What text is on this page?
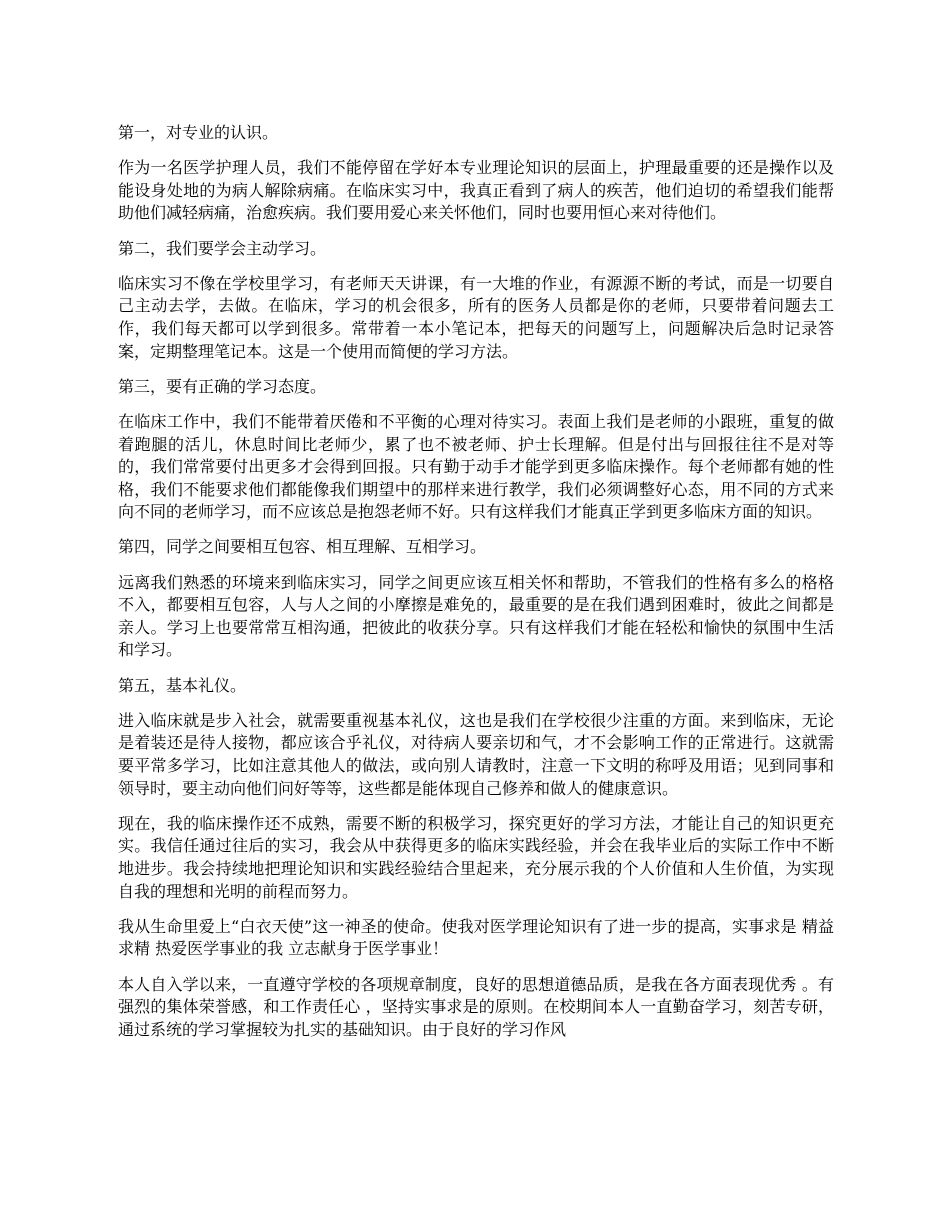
第一，对专业的认识。

作为一名医学护理人员，我们不能停留在学好本专业理论知识的层面上，护理最重要的还是操作以及能设身处地的为病人解除病痛。在临床实习中，我真正看到了病人的疾苦，他们迫切的希望我们能帮助他们减轻病痛，治愈疾病。我们要用爱心来关怀他们，同时也要用恒心来对待他们。

第二，我们要学会主动学习。

临床实习不像在学校里学习，有老师天天讲课，有一大堆的作业，有源源不断的考试，而是一切要自己主动去学，去做。在临床，学习的机会很多，所有的医务人员都是你的老师，只要带着问题去工作，我们每天都可以学到很多。常带着一本小笔记本，把每天的问题写上，问题解决后急时记录答案，定期整理笔记本。这是一个使用而简便的学习方法。

第三，要有正确的学习态度。

在临床工作中，我们不能带着厌倦和不平衡的心理对待实习。表面上我们是老师的小跟班，重复的做着跑腿的活儿，休息时间比老师少，累了也不被老师、护士长理解。但是付出与回报往往不是对等的，我们常常要付出更多才会得到回报。只有勤于动手才能学到更多临床操作。每个老师都有她的性格，我们不能要求他们都能像我们期望中的那样来进行教学，我们必须调整好心态，用不同的方式来向不同的老师学习，而不应该总是抱怨老师不好。只有这样我们才能真正学到更多临床方面的知识。

第四，同学之间要相互包容、相互理解、互相学习。

远离我们熟悉的环境来到临床实习，同学之间更应该互相关怀和帮助，不管我们的性格有多么的格格不入，都要相互包容，人与人之间的小摩擦是难免的，最重要的是在我们遇到困难时，彼此之间都是亲人。学习上也要常常互相沟通，把彼此的收获分享。只有这样我们才能在轻松和愉快的氛围中生活和学习。

第五，基本礼仪。

进入临床就是步入社会，就需要重视基本礼仪，这也是我们在学校很少注重的方面。来到临床，无论是着装还是待人接物，都应该合乎礼仪，对待病人要亲切和气，才不会影响工作的正常进行。这就需要平常多学习，比如注意其他人的做法，或向别人请教时，注意一下文明的称呼及用语；见到同事和领导时，要主动向他们问好等等，这些都是能体现自己修养和做人的健康意识。

现在，我的临床操作还不成熟，需要不断的积极学习，探究更好的学习方法，才能让自己的知识更充实。我信任通过往后的实习，我会从中获得更多的临床实践经验，并会在我毕业后的实际工作中不断地进步。我会持续地把理论知识和实践经验结合里起来，充分展示我的个人价值和人生价值，为实现自我的理想和光明的前程而努力。

我从生命里爱上“白衣天使”这一神圣的使命。使我对医学理论知识有了进一步的提高，实事求是 精益求精 热爱医学事业的我 立志献身于医学事业！

本人自入学以来，一直遵守学校的各项规章制度，良好的思想道德品质，是我在各方面表现优秀 。有强烈的集体荣誉感，和工作责任心 ，坚持实事求是的原则。在校期间本人一直勤奋学习，刻苦专研，通过系统的学习掌握较为扎实的基础知识。由于良好的学习作风
